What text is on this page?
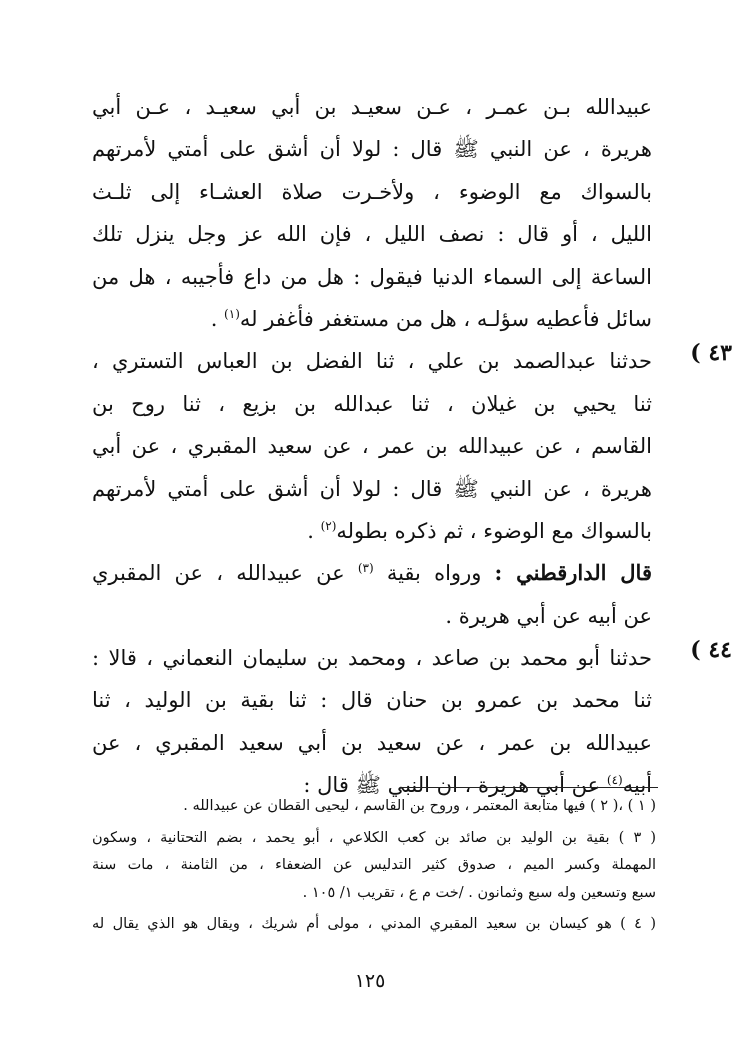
عبيدالله بـن عمـر ، عـن سعيـد بن أبي سعيـد ، عـن أبي
هريرة ، عن النبي ﷺ قال : لولا أن أشق على أمتي لأمرتهم
بالسواك مع الوضوء ، ولأخـرت صلاة العشـاء إلى ثلـث
الليل ، أو قال : نصف الليل ، فإن الله عز وجل ينزل تلك
الساعة إلى السماء الدنيا فيقول : هل من داع فأجيبه ، هل من
سائل فأعطيه سؤلـه ، هل من مستغفر فأغفر له$^{(١)}$ .
٤٣ )
حدثنا عبدالصمد بن علي ، ثنا الفضل بن العباس التستري ،
ثنا يحيي بن غيلان ، ثنا عبدالله بن بزيع ، ثنا روح بن
القاسم ، عن عبيدالله بن عمر ، عن سعيد المقبري ، عن أبي
هريرة ، عن النبي ﷺ قال : لولا أن أشق على أمتي لأمرتهم
بالسواك مع الوضوء ، ثم ذكره بطوله$^{(٢)}$ .
قال الدارقطني : ورواه بقية $^{(٣)}$ عن عبيدالله ، عن المقبري
عن أبيه عن أبي هريرة .
٤٤ )
حدثنا أبو محمد بن صاعد ، ومحمد بن سليمان النعماني ، قالا :
ثنا محمد بن عمرو بن حنان قال : ثنا بقية بن الوليد ، ثنا
عبيدالله بن عمر ، عن سعيد بن أبي سعيد المقبري ، عن
أبيه$^{(٤)}$ عن أبي هريرة ، ان النبي ﷺ قال :
( ١ ) ،( ٢ ) فيها متابعة المعتمر ، وروح بن القاسم ، ليحيى القطان عن عبيدالله .
( ٣ ) بقية بن الوليد بن صائد بن كعب الكلاعي ، أبو يحمد ، بضم التحتانية ، وسكون
المهملة وكسر الميم ، صدوق كثير التدليس عن الضعفاء ، من الثامنة ، مات سنة
سبع وتسعين وله سبع وثمانون . /خت م ع ، تقريب ١/ ١٠٥ .
( ٤ ) هو كيسان بن سعيد المقبري المدني ، مولى أم شريك ، ويقال هو الذي يقال له
١٢٥
